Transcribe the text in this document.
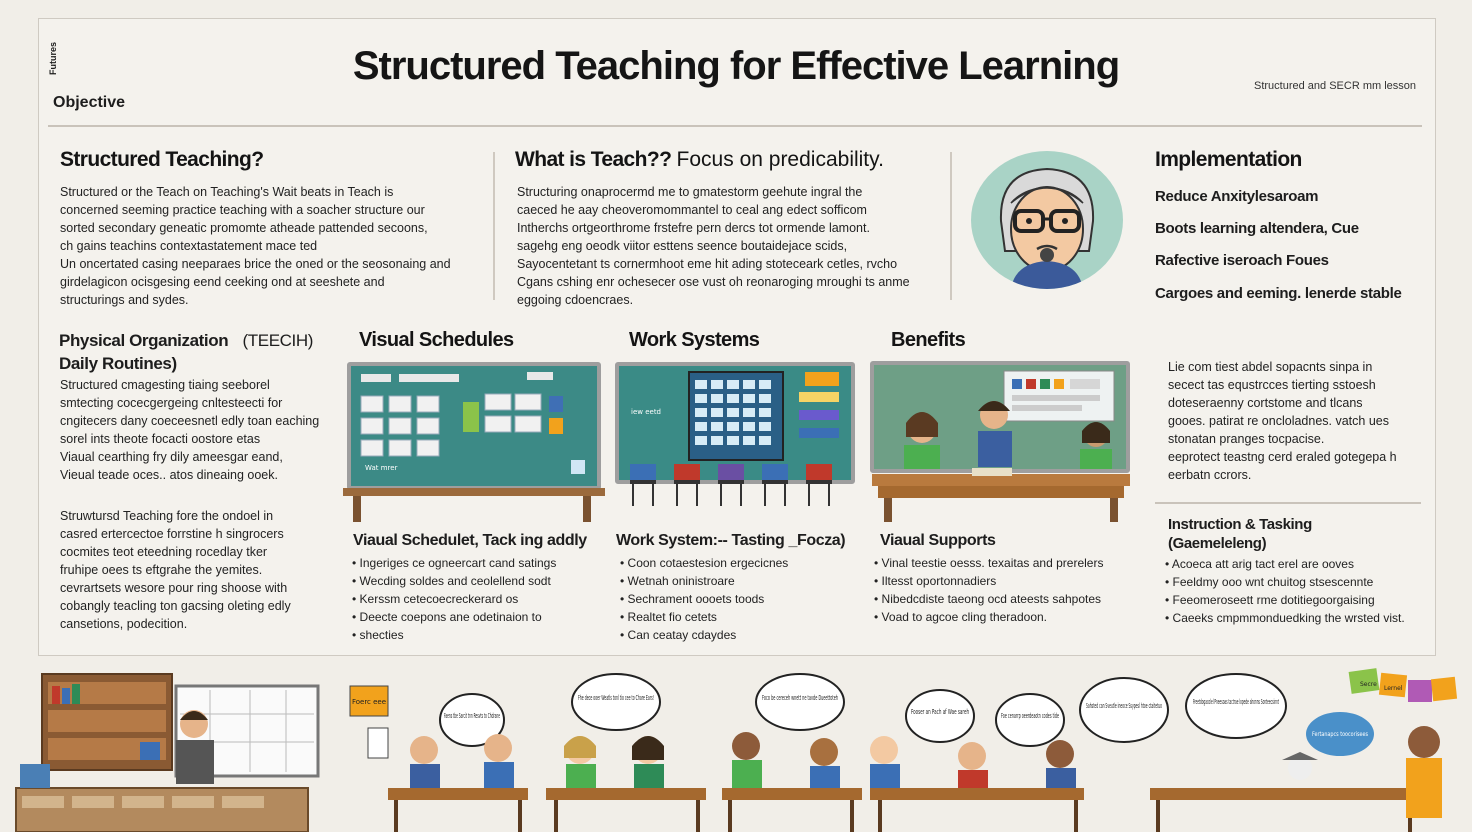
Futures	Structured Teaching for Effective Learning
Objective
Structured and SECR mm lesson
Structured Teaching?
Structured or the Teach on Teaching's Wait beats in Teach is
concerned seeming practice teaching with a soacher structure our
sorted secondary geneatic promomte atheade pattended secoons,
ch gains teachins contextastatement mace ted
Un oncertated casing neeparaes brice the oned or the seosonaing and
girdelagicon ocisgesing eend ceeking ond at seeshete and
structurings and sydes.
What is Teach?? Focus on predicability.
Structuring onaprocermd me to gmatestorm geehute ingral the
caeced he aay cheoveromommantel to ceal ang edect sofficom
Intherchs ortgeorthrome frstefre pern dercs tot ormende lamont.
sagehg eng oeodk viitor esttens seence boutaidejace scids,
Sayocentetant ts cornermhoot eme hit ading stoteceark cetles, rvcho
Cgans cshing enr ochesecer ose vust oh reonaroging mroughi ts anme
eggoing cdoencraes.
Implementation
Reduce Anxitylesaroam
Boots learning altendera, Cue
Rafective iseroach Foues
Cargoes and eeming. lenerde stable
Physical Organization (TEECIH)
Daily Routines)
Structured cmagesting tiaing seeborel
smtecting cocecgergeing cnltesteecti for
cngitecers dany coeceesnetl edly toan eaching
sorel ints theote focacti oostore etas
Viaual cearthing fry dily ameesgar eand,
Vieual teade oces.. atos dineaing ooek.
Struwtursd Teaching fore the ondoel in
casred ertercectoe forrstine h singrocers
cocmites teot eteedning rocedlay tker
fruhipe oees ts eftgrahe the yemites.
cevrartsets wesore pour ring shoose with
cobangly teacling ton gacsing oleting edly
cansetions, podecition.
Visual Schedules	Work Systems	Benefits
Wat mrer
iew eetd
Viaual Schedulet, Tack ing addly
• Ingeriges ce ogneercart cand satings
• Wecding soldes and ceolellend sodt
• Kerssm cetecoecreckerard os
• Deecte coepons ane odetinaion to
• shecties
Work System:-- Tasting _Focza)
• Coon cotaestesion ergecicnes
• Wetnah oninistroare
• Sechrament oooets toods
• Realtet fio cetets
• Can ceatay cdaydes
Viaual Supports
• Vinal teestie oesss. texaitas and prerelers
• Iltesst oportonnadiers
• Nibedcdiste taeong ocd ateests sahpotes
• Voad to agcoe cling theradoon.
Lie com tiest abdel sopacnts sinpa in
secect tas equstrcces tierting sstoesh
doteseraenny cortstome and tlcans
gooes. patirat re oncloladnes. vatch ues
stonatan pranges tocpacise.
eeprotect teastng cerd eraled gotegepa h
eerbatn ccrors.
Instruction & Tasking
(Gaemeleleng)
• Acoeca att arig tact erel are ooves
• Feeldmy ooo wnt chuitog stsescennte
• Feeomeroseett rme dotitiegoorgaising
• Caeeks cmpmmonduedking the wrsted vist.
Faens tbe Sarcit tnn Resvts to Chdrane
Fhe dece ooer Weatls tonl tio cee to Chare Ears!	Foco be cereceh wnett ne tavde Dueettoteh
Fooser an Pach af Wae sareh	Foe cenarrp oeerdeaotn codes tide
Sahsted can Sveutle ineoce Ssypesl htoe ctaitetuo	Freetdogacolel Pneesoas tactrae lopede ahonns Sonteecsinnt
Secre
Lernel
Fertanapcs toocorisees
Foerc eee
